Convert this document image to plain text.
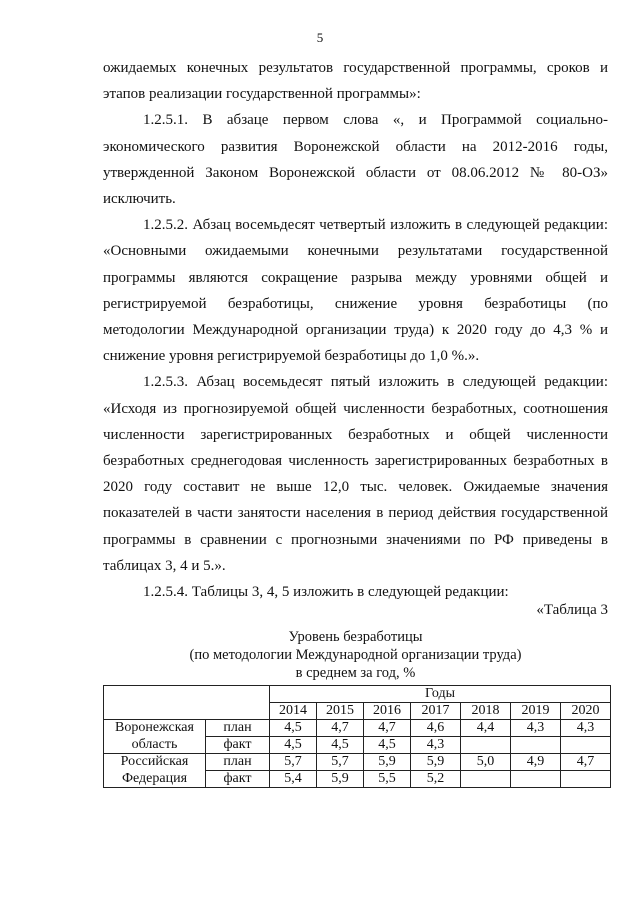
5

ожидаемых конечных результатов государственной программы, сроков и

этапов реализации государственной программы»:

1.2.5.1. В абзаце первом слова «, и Программой социально-

экономического развития Воронежской области на 2012-2016 годы,

утвержденной Законом Воронежской области от 08.06.2012 № 80-ОЗ»

исключить.

1.2.5.2. Абзац восемьдесят четвертый изложить в следующей редакции:

«Основными ожидаемыми конечными результатами государственной

программы являются сокращение разрыва между уровнями общей и

регистрируемой безработицы, снижение уровня безработицы (по

методологии Международной организации труда) к 2020 году до 4,3 % и

снижение уровня регистрируемой безработицы до 1,0 %.».

1.2.5.3. Абзац восемьдесят пятый изложить в следующей редакции:

«Исходя из прогнозируемой общей численности безработных, соотношения

численности зарегистрированных безработных и общей численности

безработных среднегодовая численность зарегистрированных безработных в

2020 году составит не выше 12,0 тыс. человек. Ожидаемые значения

показателей в части занятости населения в период действия государственной

программы в сравнении с прогнозными значениями по РФ приведены в

таблицах 3, 4 и 5.».

1.2.5.4. Таблицы 3, 4, 5 изложить в следующей редакции:

«Таблица 3
Уровень безработицы
(по методологии Международной организации труда)
в среднем за год, %
		Годы						
		2014	2015	2016	2017	2018	2019	2020
Воронежская	план	4,5	4,7	4,7	4,6	4,4	4,3	4,3
область	факт	4,5	4,5	4,5	4,3			
Российская	план	5,7	5,7	5,9	5,9	5,0	4,9	4,7
Федерация	факт	5,4	5,9	5,5	5,2			
